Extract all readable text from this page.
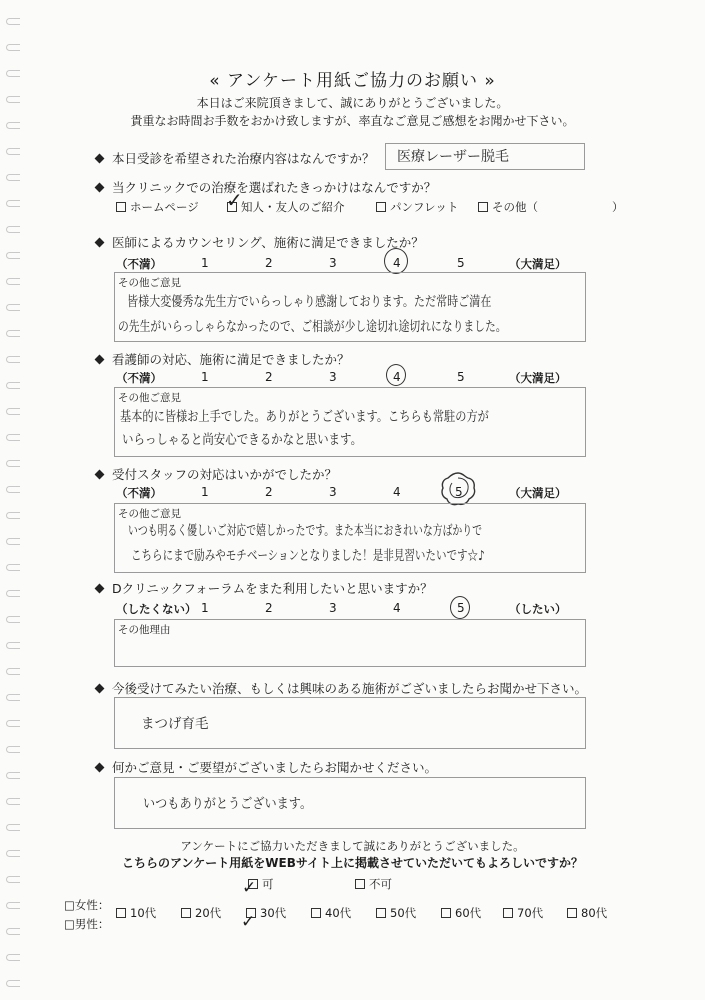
« アンケート用紙ご協力のお願い »
本日はご来院頂きまして、誠にありがとうございました。
貴重なお時間お手数をおかけ致しますが、率直なご意見ご感想をお聞かせ下さい。
本日受診を希望された治療内容はなんですか？ 医療レーザー脱毛
当クリニックでの治療を選ばれたきっかけはなんですか？
ホームページ	知人・友人のご紹介
✓	パンフレット	その他（	）
医師によるカウンセリング、施術に満足できましたか？
（不満）	1	2	3	4	5	（大満足）
その他ご意見
皆様大変優秀な先生方でいらっしゃり感謝しております。ただ常時ご満在
の先生がいらっしゃらなかったので、ご相談が少し途切れ途切れになりました。
看護師の対応、施術に満足できましたか？
（不満）	1	2	3	4	5	（大満足）
その他ご意見
基本的に皆様お上手でした。ありがとうございます。こちらも常駐の方が
いらっしゃると尚安心できるかなと思います。
受付スタッフの対応はいかがでしたか？
（不満）	1	2	3	4	5	（大満足）
その他ご意見
いつも明るく優しいご対応で嬉しかったです。また本当におきれいな方ばかりで
こちらにまで励みやモチベーションとなりました！是非見習いたいです☆♪
Dクリニックフォーラムをまた利用したいと思いますか？
（したくない） 1	2	3	4	5	（したい）
その他理由
今後受けてみたい治療、もしくは興味のある施術がございましたらお聞かせ下さい。
まつげ育毛
何かご意見・ご要望がございましたらお聞かせください。
いつもありがとうございます。
アンケートにご協力いただきまして誠にありがとうございました。
こちらのアンケート用紙をWEBサイト上に掲載させていただいてもよろしいですか？
可
✓	不可
□女性：
□男性：
10代	20代	30代
✓	40代	50代	60代	70代	80代
